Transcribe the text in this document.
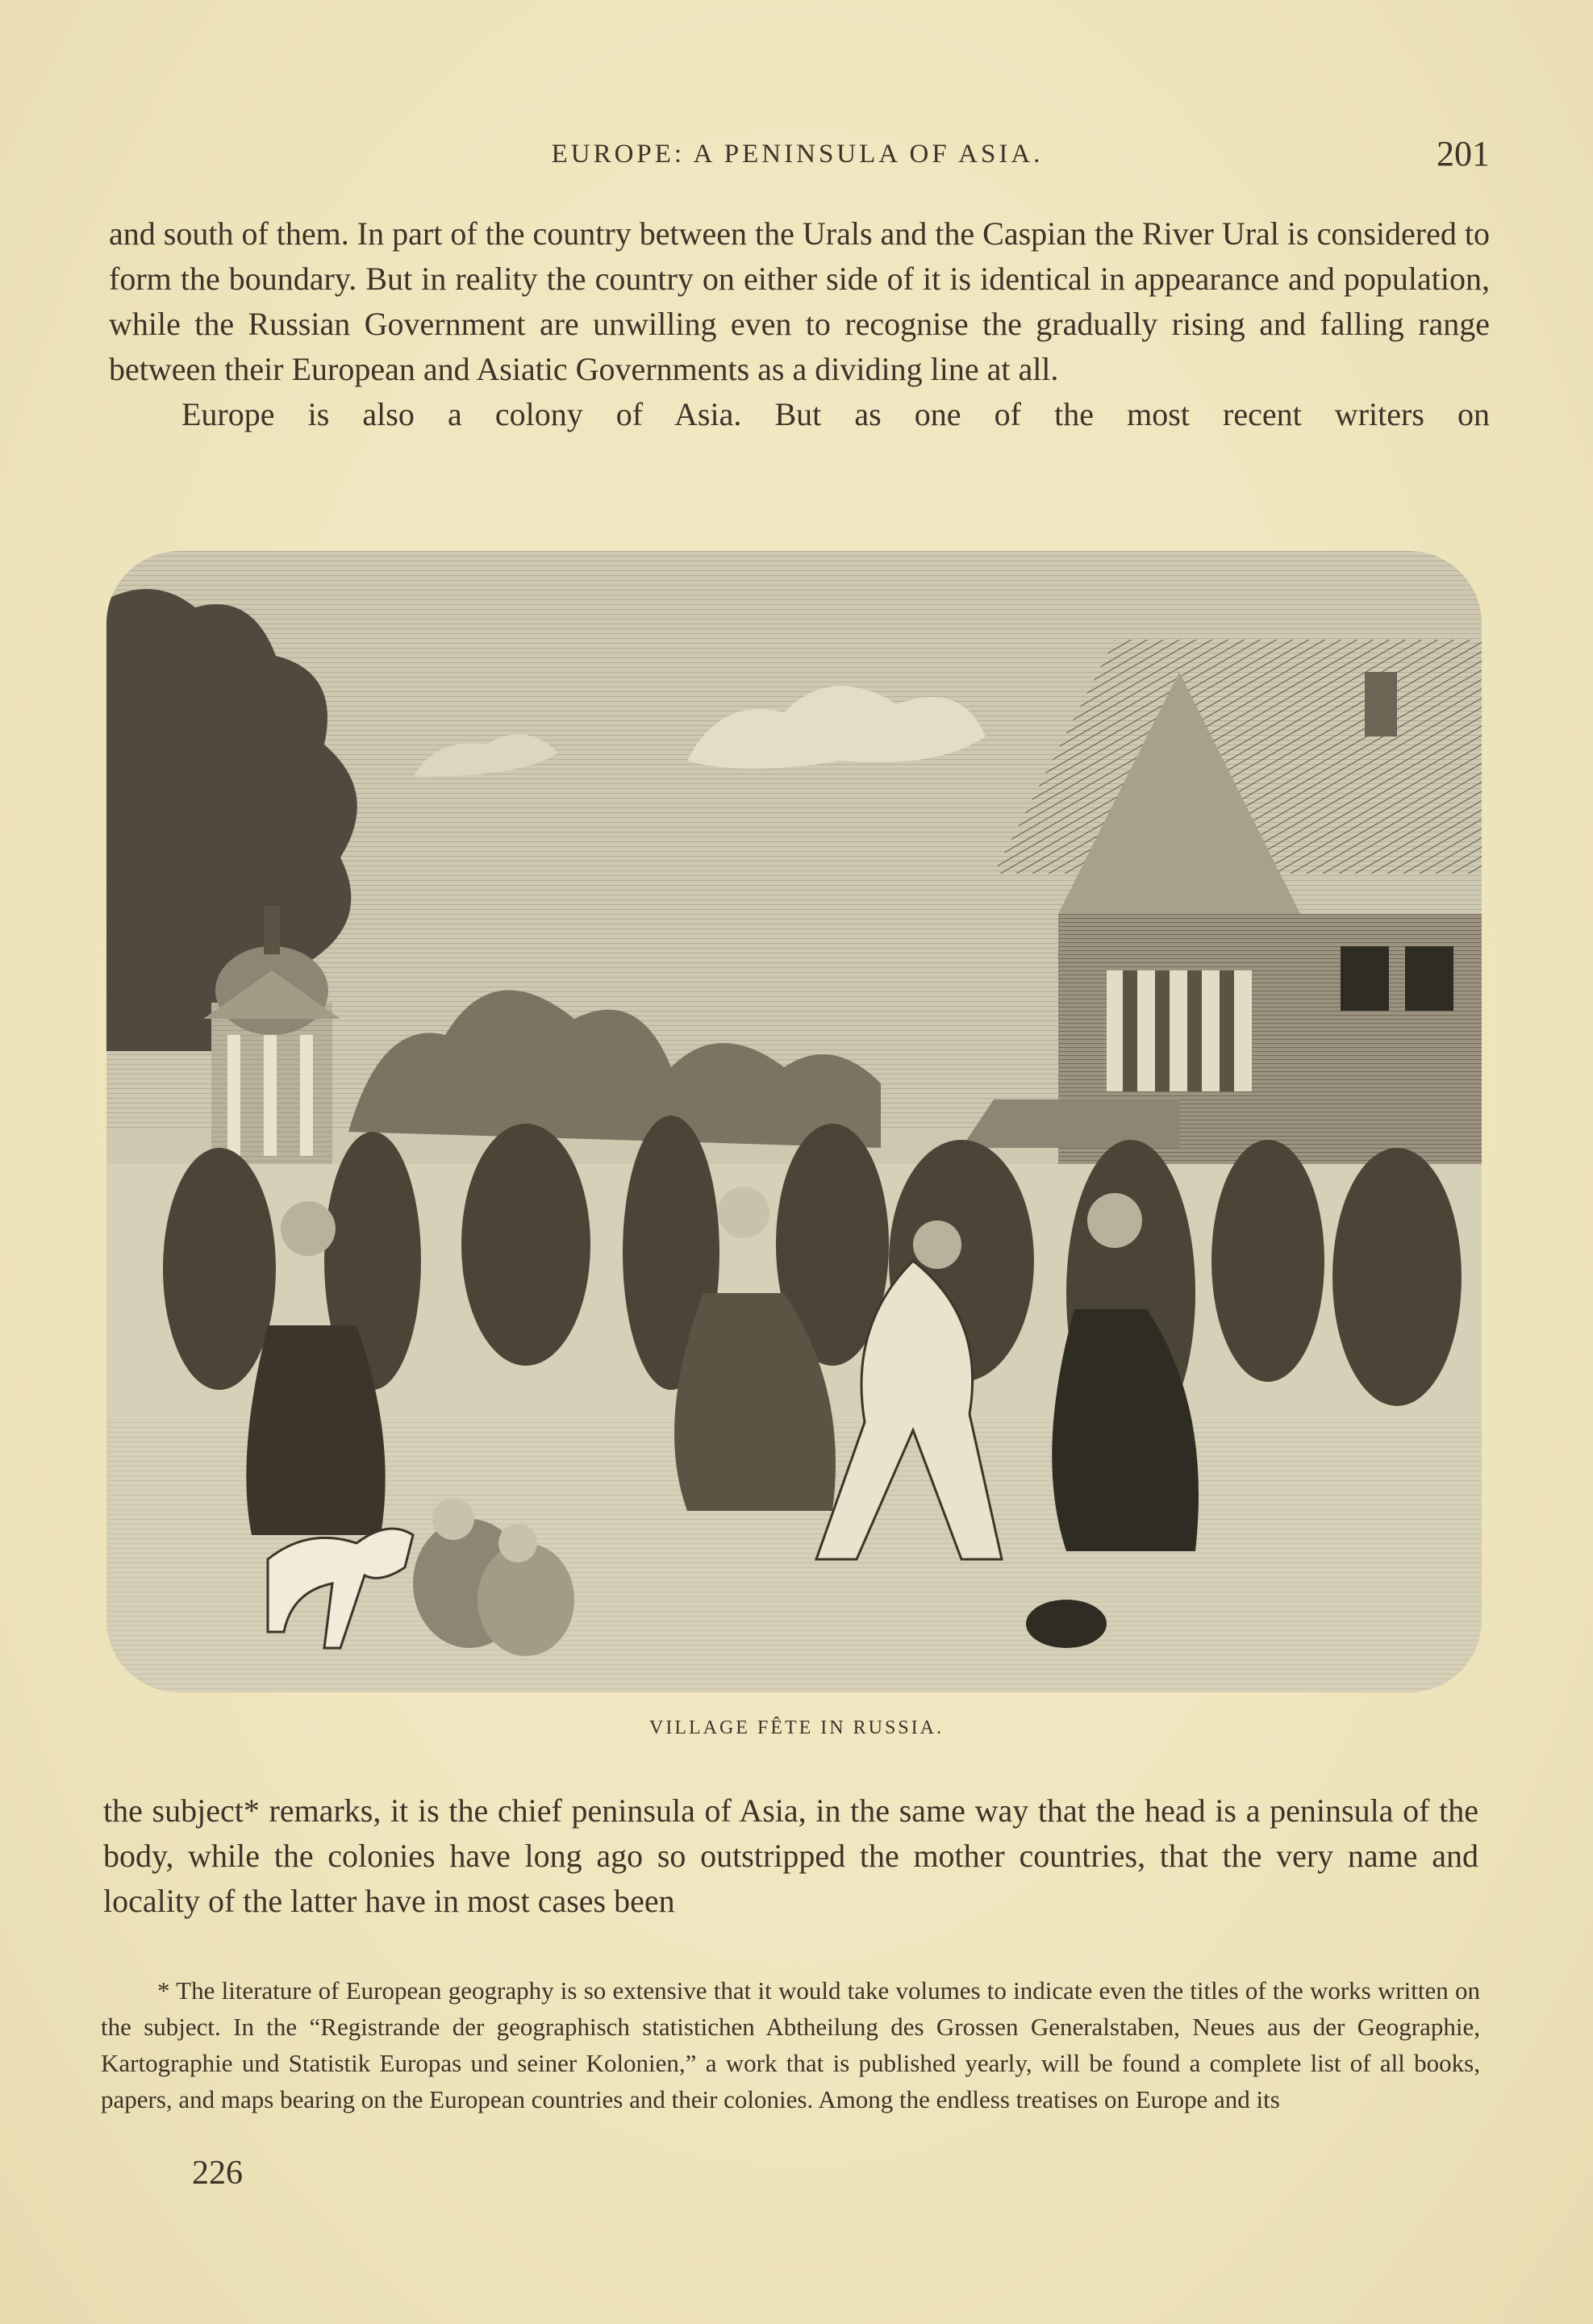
EUROPE: A PENINSULA OF ASIA.	201

and south of them. In part of the country between the Urals and the Caspian the River Ural is considered to form the boundary. But in reality the country on either side of it is identical in appearance and population, while the Russian Government are unwilling even to recognise the gradually rising and falling range between their European and Asiatic Governments as a dividing line at all.
Europe is also a colony of Asia. But as one of the most recent writers on

VILLAGE FÊTE IN RUSSIA.

the subject* remarks, it is the chief peninsula of Asia, in the same way that the head is a peninsula of the body, while the colonies have long ago so outstripped the mother countries, that the very name and locality of the latter have in most cases been

* The literature of European geography is so extensive that it would take volumes to indicate even the titles of the works written on the subject. In the “Registrande der geographisch statistichen Abtheilung des Grossen Generalstaben, Neues aus der Geographie, Kartographie und Statistik Europas und seiner Kolonien,” a work that is published yearly, will be found a complete list of all books, papers, and maps bearing on the European countries and their colonies. Among the endless treatises on Europe and its

226
